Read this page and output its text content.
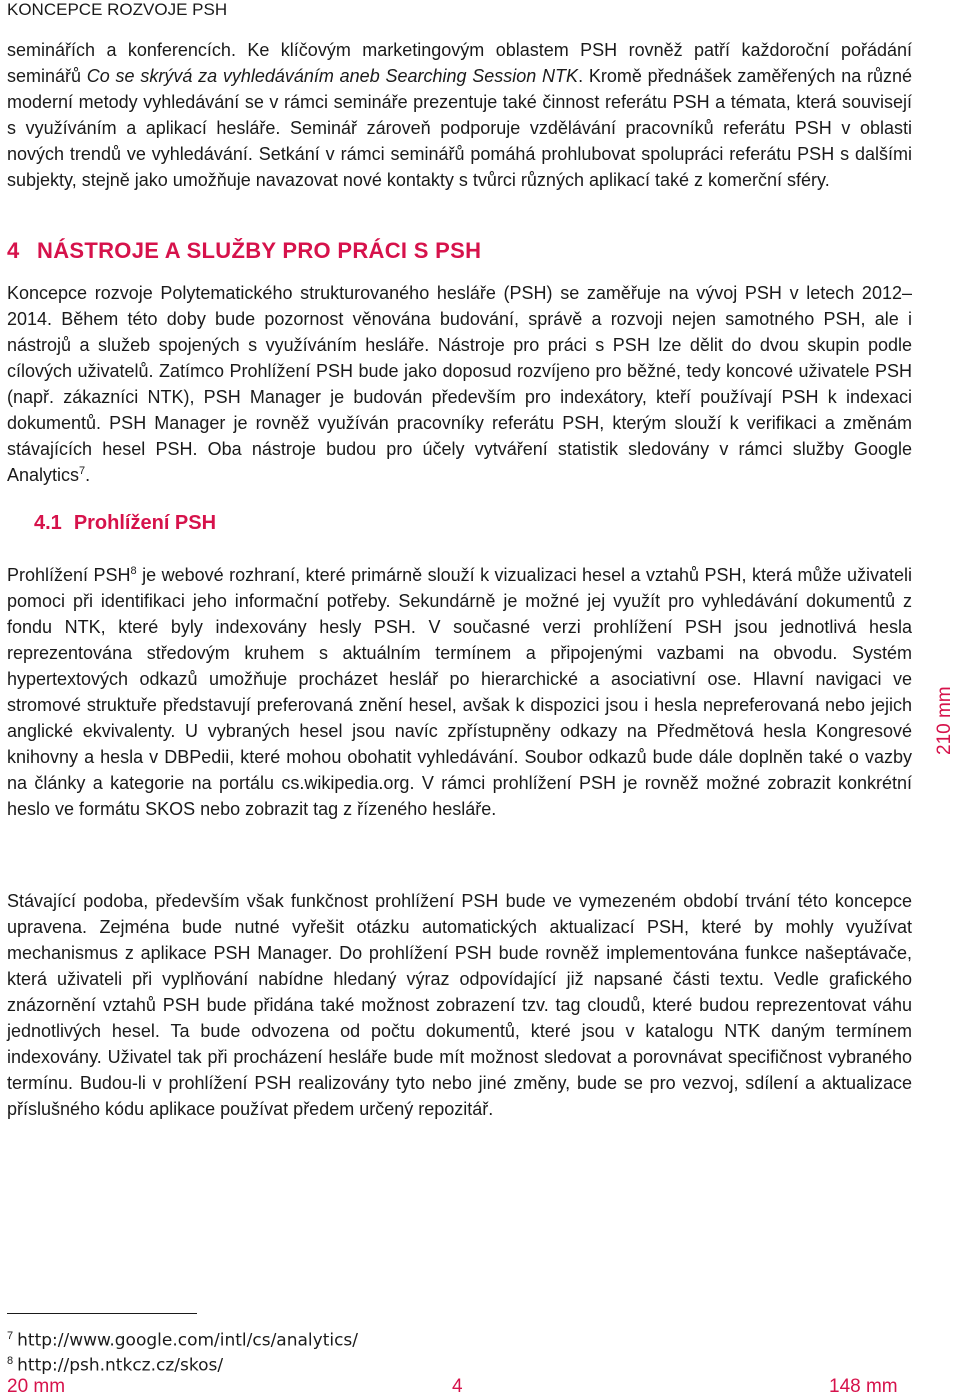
KONCEPCE ROZVOJE PSH

seminářích a konferencích. Ke klíčovým marketingovým oblastem PSH rovněž patří každoroční pořádání seminářů Co se skrývá za vyhledáváním aneb Searching Session NTK. Kromě přednášek zaměřených na různé moderní metody vyhledávání se v rámci semináře prezentuje také činnost referátu PSH a témata, která souvisejí s využíváním a aplikací hesláře. Seminář zároveň podporuje vzdělávání pracovníků referátu PSH v oblasti nových trendů ve vyhledávání. Setkání v rámci seminářů pomáhá prohlubovat spolupráci referátu PSH s dalšími subjekty, stejně jako umožňuje navazovat nové kontakty s tvůrci různých aplikací také z komerční sféry.

4 NÁSTROJE A SLUŽBY PRO PRÁCI S PSH

Koncepce rozvoje Polytematického strukturovaného hesláře (PSH) se zaměřuje na vývoj PSH v letech 2012–2014. Během této doby bude pozornost věnována budování, správě a rozvoji nejen samotného PSH, ale i nástrojů a služeb spojených s využíváním hesláře. Nástroje pro práci s PSH lze dělit do dvou skupin podle cílových uživatelů. Zatímco Prohlížení PSH bude jako doposud rozvíjeno pro běžné, tedy koncové uživatele PSH (např. zákazníci NTK), PSH Manager je budován především pro indexátory, kteří používají PSH k indexaci dokumentů. PSH Manager je rovněž využíván pracovníky referátu PSH, kterým slouží k verifikaci a změnám stávajících hesel PSH. Oba nástroje budou pro účely vytváření statistik sledovány v rámci služby Google Analytics$^7$.

4.1 Prohlížení PSH

Prohlížení PSH$^8$ je webové rozhraní, které primárně slouží k vizualizaci hesel a vztahů PSH, která může uživateli pomoci při identifikaci jeho informační potřeby. Sekundárně je možné jej využít pro vyhledávání dokumentů z fondu NTK, které byly indexovány hesly PSH. V současné verzi prohlížení PSH jsou jednotlivá hesla reprezentována středovým kruhem s aktuálním termínem a připojenými vazbami na obvodu. Systém hypertextových odkazů umožňuje procházet heslář po hierarchické a asociativní ose. Hlavní navigaci ve stromové struktuře představují preferovaná znění hesel, avšak k dispozici jsou i hesla nepreferovaná nebo jejich anglické ekvivalenty. U vybraných hesel jsou navíc zpřístupněny odkazy na Předmětová hesla Kongresové knihovny a hesla v DBPedii, které mohou obohatit vyhledávání. Soubor odkazů bude dále doplněn také o vazby na články a kategorie na portálu cs.wikipedia.org. V rámci prohlížení PSH je rovněž možné zobrazit konkrétní heslo ve formátu SKOS nebo zobrazit tag z řízeného hesláře.

Stávající podoba, především však funkčnost prohlížení PSH bude ve vymezeném období trvání této koncepce upravena. Zejména bude nutné vyřešit otázku automatických aktualizací PSH, které by mohly využívat mechanismus z aplikace PSH Manager. Do prohlížení PSH bude rovněž implementována funkce našeptávače, která uživateli při vyplňování nabídne hledaný výraz odpovídající již napsané části textu. Vedle grafického znázornění vztahů PSH bude přidána také možnost zobrazení tzv. tag cloudů, které budou reprezentovat váhu jednotlivých hesel. Ta bude odvozena od počtu dokumentů, které jsou v katalogu NTK daným termínem indexovány. Uživatel tak při procházení hesláře bude mít možnost sledovat a porovnávat specifičnost vybraného termínu. Budou-li v prohlížení PSH realizovány tyto nebo jiné změny, bude se pro vezvoj, sdílení a aktualizace příslušného kódu aplikace používat předem určený repozitář.

210 mm
$^7$ http://www.google.com/intl/cs/analytics/
$^8$ http://psh.ntkcz.cz/skos/
20 mm	4	148 mm
